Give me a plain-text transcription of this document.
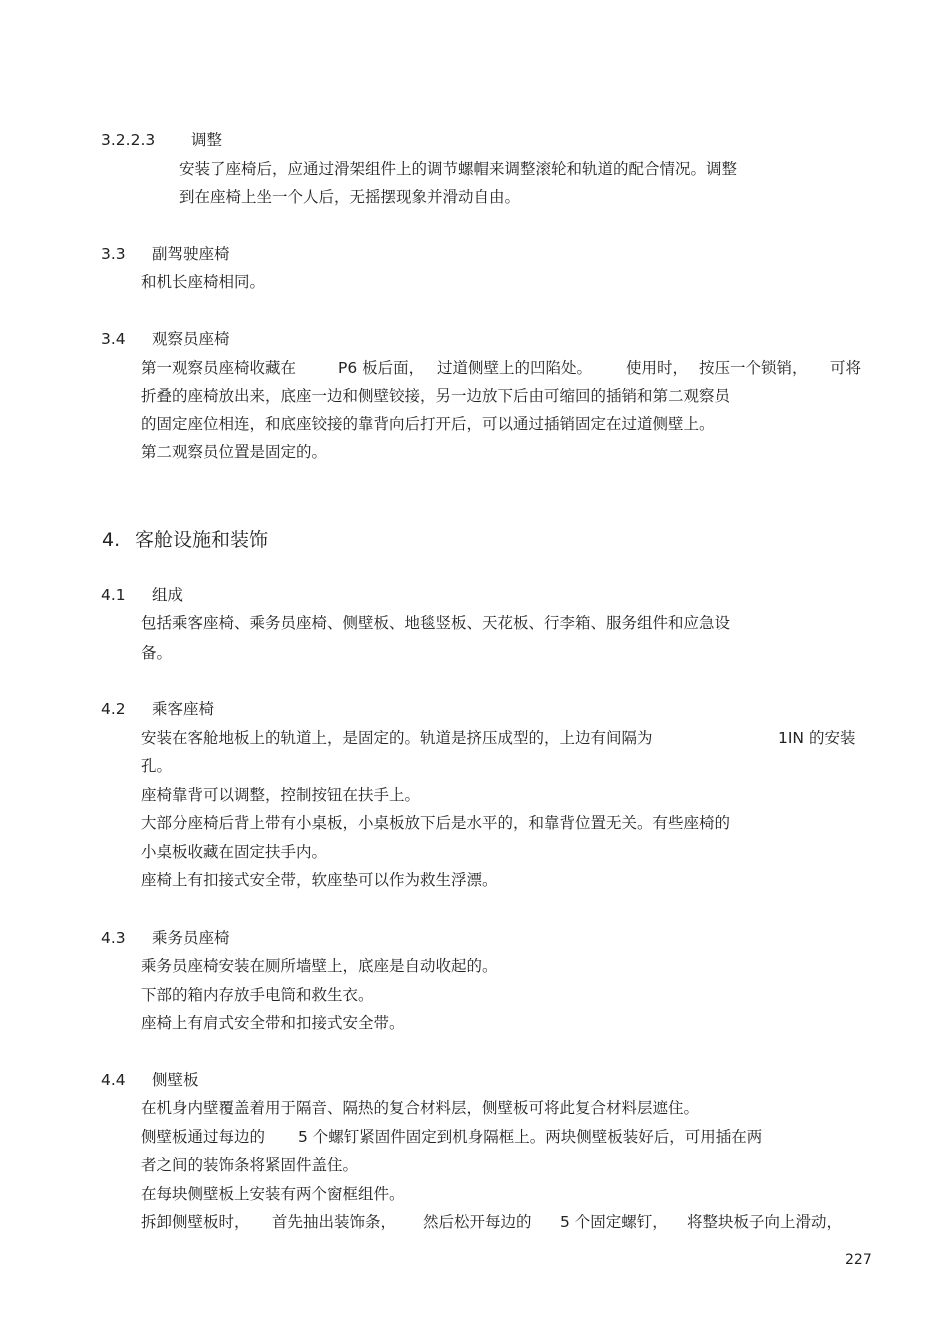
3.2.2.3 调整
安装了座椅后，应通过滑架组件上的调节螺帽来调整滚轮和轨道的配合情况。调整
到在座椅上坐一个人后，无摇摆现象并滑动自由。
3.3 副驾驶座椅
和机长座椅相同。
3.4 观察员座椅
第一观察员座椅收藏在	P6 板后面， 过道侧壁上的凹陷处。 使用时， 按压一个锁销， 可将
折叠的座椅放出来，底座一边和侧壁铰接，另一边放下后由可缩回的插销和第二观察员
的固定座位相连，和底座铰接的靠背向后打开后，可以通过插销固定在过道侧壁上。
第二观察员位置是固定的。
4. 客舱设施和装饰
4.1 组成
包括乘客座椅、乘务员座椅、侧壁板、地毯竖板、天花板、行李箱、服务组件和应急设
备。
4.2 乘客座椅
安装在客舱地板上的轨道上，是固定的。轨道是挤压成型的，上边有间隔为	1IN 的安装
孔。
座椅靠背可以调整，控制按钮在扶手上。
大部分座椅后背上带有小桌板，小桌板放下后是水平的，和靠背位置无关。有些座椅的
小桌板收藏在固定扶手内。
座椅上有扣接式安全带，软座垫可以作为救生浮漂。
4.3 乘务员座椅
乘务员座椅安装在厕所墙壁上，底座是自动收起的。
下部的箱内存放手电筒和救生衣。
座椅上有肩式安全带和扣接式安全带。
4.4 侧壁板
在机身内壁覆盖着用于隔音、隔热的复合材料层，侧壁板可将此复合材料层遮住。
侧壁板通过每边的 5 个螺钉紧固件固定到机身隔框上。两块侧壁板装好后，可用插在两
者之间的装饰条将紧固件盖住。
在每块侧壁板上安装有两个窗框组件。
拆卸侧壁板时， 首先抽出装饰条， 然后松开每边的 5 个固定螺钉， 将整块板子向上滑动，
227
